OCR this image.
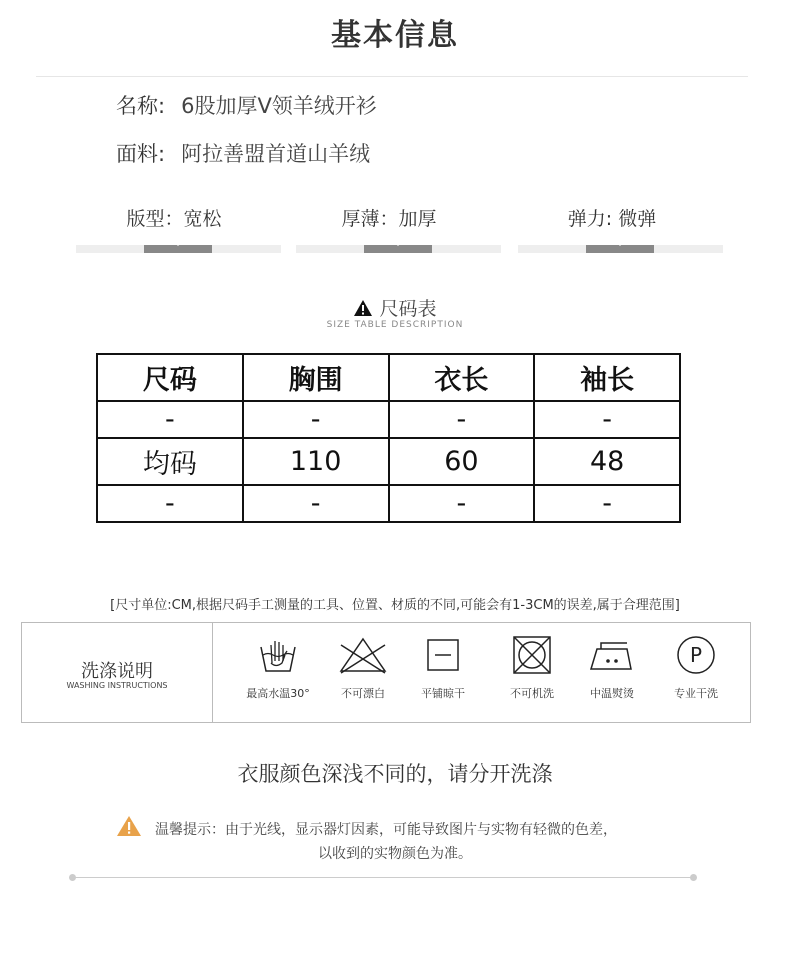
基本信息
名称: 6股加厚V领羊绒开衫
面料: 阿拉善盟首道山羊绒
版型：宽松	厚薄：加厚	弹力: 微弹
尺码表
SIZE TABLE DESCRIPTION
尺码	胸围	衣长	袖长
-	-	-	-
均码	110	60	48
-	-	-	-
[尺寸单位:CM,根据尺码手工测量的工具、位置、材质的不同,可能会有1-3CM的误差,属于合理范围]
洗涤说明
WASHING INSTRUCTIONS
最高水温30°	不可漂白	平铺晾干	不可机洗	中温熨烫
P
专业干洗
衣服颜色深浅不同的，请分开洗涤
温馨提示：由于光线，显示器灯因素，可能导致图片与实物有轻微的色差，
以收到的实物颜色为准。
